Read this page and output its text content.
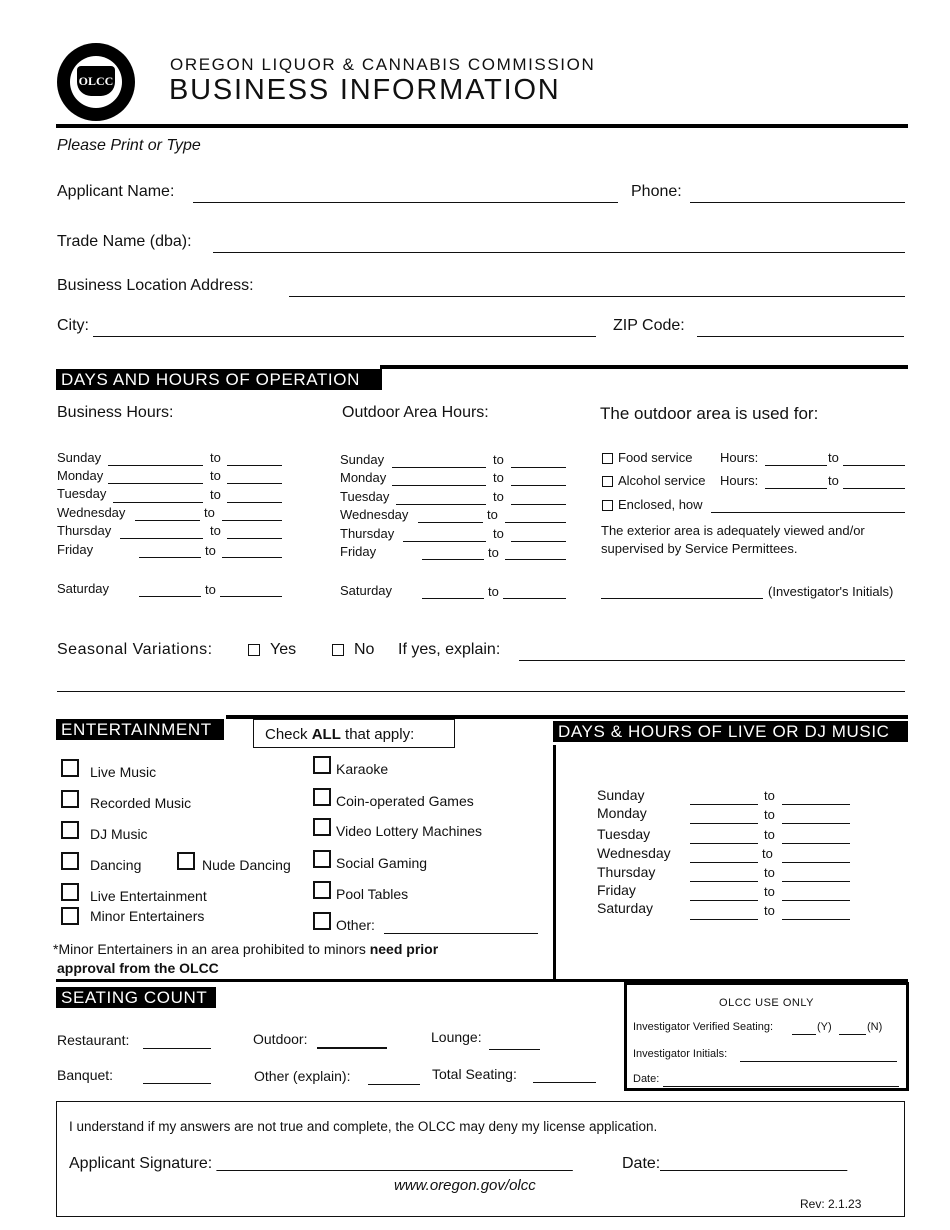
OLCC
OREGON LIQUOR & CANNABIS COMMISSION
BUSINESS INFORMATION
Please Print or Type
Applicant Name:	Phone:
Trade Name (dba):
Business Location Address:
City:	ZIP Code:
DAYS AND HOURS OF OPERATION
Business Hours:	Outdoor Area Hours:	The outdoor area is used for:
Sunday	to
Monday	to
Tuesday	to
Wednesday	to
Thursday	to
Friday	to
Saturday	to
Sunday	to
Monday	to
Tuesday	to
Wednesday	to
Thursday	to
Friday	to
Saturday	to
Food service Hours:	to
Alcohol service Hours:	to
Enclosed, how
The exterior area is adequately viewed and/or
supervised by Service Permittees.
(Investigator's Initials)
Seasonal Variations:	Yes	No If yes, explain:
ENTERTAINMENT	Check ALL that apply:	DAYS & HOURS OF LIVE OR DJ MUSIC
Live Music
Recorded Music
DJ Music
Dancing	Nude Dancing
Live Entertainment
Minor Entertainers
Karaoke
Coin-operated Games
Video Lottery Machines
Social Gaming
Pool Tables
Other:
*Minor Entertainers in an area prohibited to minors need prior
approval from the OLCC
Sunday	to
Monday	to
Tuesday	to
Wednesday	to
Thursday	to
Friday	to
Saturday	to
SEATING COUNT
Restaurant:	Outdoor:	Lounge:
Banquet:	Other (explain):	Total Seating:
OLCC USE ONLY
Investigator Verified Seating:	(Y)	(N)
Investigator Initials:
Date:
I understand if my answers are not true and complete, the OLCC may deny my license application.
Applicant Signature: ________________________________________	Date:_____________________
www.oregon.gov/olcc
Rev: 2.1.23
